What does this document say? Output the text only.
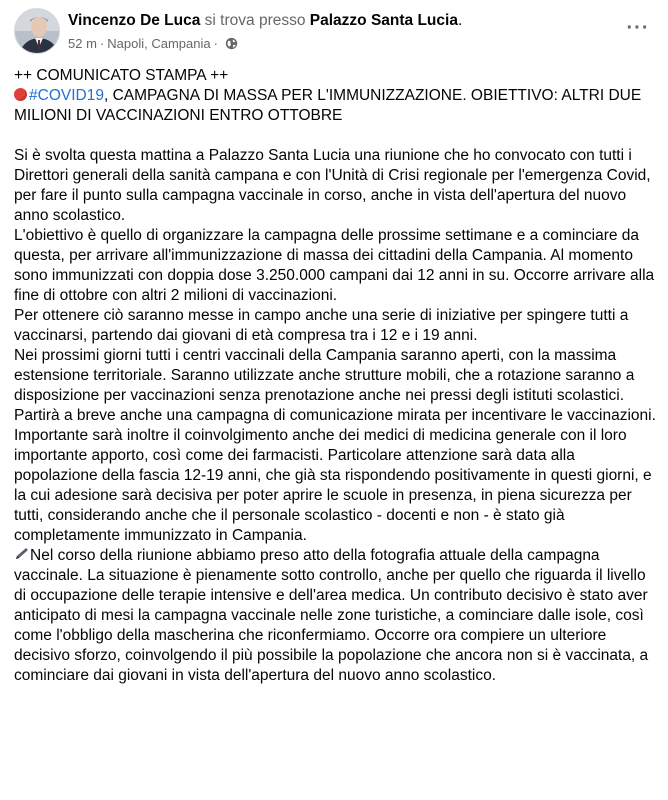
Vincenzo De Luca si trova presso Palazzo Santa Lucia.
52 m · Napoli, Campania ·
···

++ COMUNICATO STAMPA ++

#COVID19, CAMPAGNA DI MASSA PER L'IMMUNIZZAZIONE. OBIETTIVO: ALTRI DUE MILIONI DI VACCINAZIONI ENTRO OTTOBRE

Si è svolta questa mattina a Palazzo Santa Lucia una riunione che ho convocato con tutti i Direttori generali della sanità campana e con l'Unità di Crisi regionale per l'emergenza Covid, per fare il punto sulla campagna vaccinale in corso, anche in vista dell'apertura del nuovo anno scolastico.

L'obiettivo è quello di organizzare la campagna delle prossime settimane e a cominciare da questa, per arrivare all'immunizzazione di massa dei cittadini della Campania. Al momento sono immunizzati con doppia dose 3.250.000 campani dai 12 anni in su. Occorre arrivare alla fine di ottobre con altri 2 milioni di vaccinazioni.

Per ottenere ciò saranno messe in campo anche una serie di iniziative per spingere tutti a vaccinarsi, partendo dai giovani di età compresa tra i 12 e i 19 anni.

Nei prossimi giorni tutti i centri vaccinali della Campania saranno aperti, con la massima estensione territoriale. Saranno utilizzate anche strutture mobili, che a rotazione saranno a disposizione per vaccinazioni senza prenotazione anche nei pressi degli istituti scolastici. Partirà a breve anche una campagna di comunicazione mirata per incentivare le vaccinazioni. Importante sarà inoltre il coinvolgimento anche dei medici di medicina generale con il loro importante apporto, così come dei farmacisti. Particolare attenzione sarà data alla popolazione della fascia 12-19 anni, che già sta rispondendo positivamente in questi giorni, e la cui adesione sarà decisiva per poter aprire le scuole in presenza, in piena sicurezza per tutti, considerando anche che il personale scolastico - docenti e non - è stato già completamente immunizzato in Campania.

Nel corso della riunione abbiamo preso atto della fotografia attuale della campagna vaccinale. La situazione è pienamente sotto controllo, anche per quello che riguarda il livello di occupazione delle terapie intensive e dell'area medica. Un contributo decisivo è stato aver anticipato di mesi la campagna vaccinale nelle zone turistiche, a cominciare dalle isole, così come l'obbligo della mascherina che riconfermiamo. Occorre ora compiere un ulteriore decisivo sforzo, coinvolgendo il più possibile la popolazione che ancora non si è vaccinata, a cominciare dai giovani in vista dell'apertura del nuovo anno scolastico.
